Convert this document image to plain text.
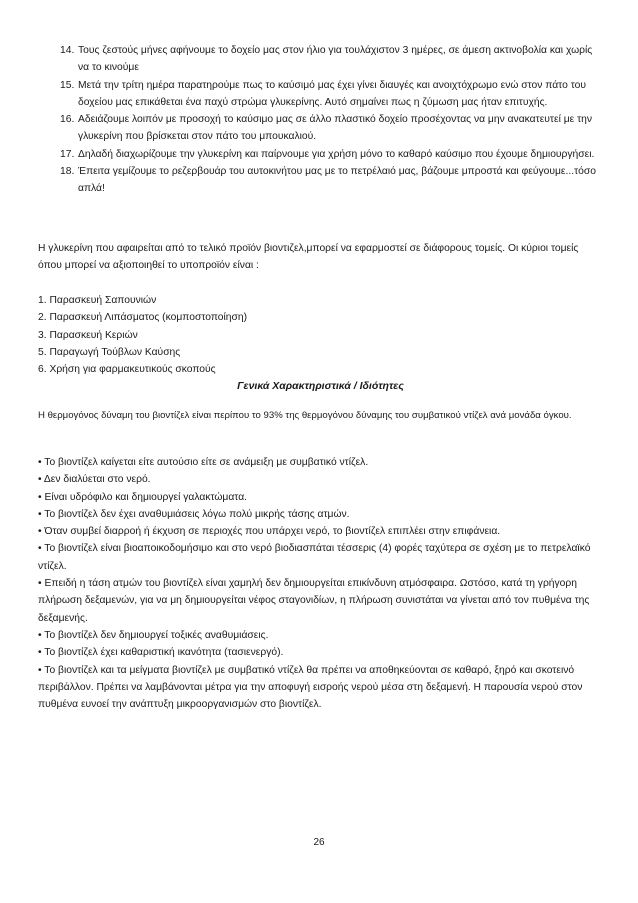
14. Τους ζεστούς μήνες αφήνουμε το δοχείο μας στον ήλιο για τουλάχιστον 3 ημέρες, σε άμεση ακτινοβολία και χωρίς να το κινούμε
15. Μετά την τρίτη ημέρα παρατηρούμε πως το καύσιμό μας έχει γίνει διαυγές και ανοιχτόχρωμο ενώ στον πάτο του δοχείου μας επικάθεται ένα παχύ στρώμα γλυκερίνης. Αυτό σημαίνει πως η ζύμωση μας ήταν επιτυχής.
16. Αδειάζουμε λοιπόν με προσοχή το καύσιμο μας σε άλλο πλαστικό δοχείο προσέχοντας να μην ανακατευτεί με την γλυκερίνη που βρίσκεται στον πάτο του μπουκαλιού.
17. Δηλαδή διαχωρίζουμε την γλυκερίνη και παίρνουμε για χρήση μόνο το καθαρό καύσιμο που έχουμε δημιουργήσει.
18. Έπειτα γεμίζουμε το ρεζερβουάρ του αυτοκινήτου μας με το πετρέλαιό μας, βάζουμε μπροστά και φεύγουμε...τόσο απλά!

Η γλυκερίνη που αφαιρείται από το τελικό προϊόν βιοντιζελ,μπορεί να εφαρμοστεί σε διάφορους τομείς. Οι κύριοι τομείς όπου μπορεί να αξιοποιηθεί το υποπροϊόν είναι :

1. Παρασκευή Σαπουνιών
2. Παρασκευή Λιπάσματος (κομποστοποίηση)
3. Παρασκευή Κεριών
5. Παραγωγή Τούβλων Καύσης
6. Χρήση για φαρμακευτικούς σκοπούς
Γενικά Χαρακτηριστικά / Ιδιότητες

Η θερμογόνος δύναμη του βιοντίζελ είναι περίπου το 93% της θερμογόνου δύναμης του συμβατικού ντίζελ ανά μονάδα όγκου.

• Το βιοντίζελ καίγεται είτε αυτούσιο είτε σε ανάμειξη με συμβατικό ντίζελ.
• Δεν διαλύεται στο νερό.
• Είναι υδρόφιλο και δημιουργεί γαλακτώματα.
• Το βιοντίζελ δεν έχει αναθυμιάσεις λόγω πολύ μικρής τάσης ατμών.
• Όταν συμβεί διαρροή ή έκχυση σε περιοχές που υπάρχει νερό, το βιοντίζελ επιπλέει στην επιφάνεια.
• Το βιοντίζελ είναι βιοαποικοδομήσιμο και στο νερό βιοδιασπάται τέσσερις (4) φορές ταχύτερα σε σχέση με το πετρελαϊκό ντίζελ.
• Επειδή η τάση ατμών του βιοντίζελ είναι χαμηλή δεν δημιουργείται επικίνδυνη ατμόσφαιρα. Ωστόσο, κατά τη γρήγορη πλήρωση δεξαμενών, για να μη δημιουργείται νέφος σταγονιδίων, η πλήρωση συνιστάται να γίνεται από τον πυθμένα της δεξαμενής.
• Το βιοντίζελ δεν δημιουργεί τοξικές αναθυμιάσεις.
• Το βιοντίζελ έχει καθαριστική ικανότητα (τασιενεργό).
• Το βιοντίζελ και τα μείγματα βιοντίζελ με συμβατικό ντίζελ θα πρέπει να αποθηκεύονται σε καθαρό, ξηρό και σκοτεινό περιβάλλον. Πρέπει να λαμβάνονται μέτρα για την αποφυγή εισροής νερού μέσα στη δεξαμενή. Η παρουσία νερού στον πυθμένα ευνοεί την ανάπτυξη μικροοργανισμών στο βιοντίζελ.
26
